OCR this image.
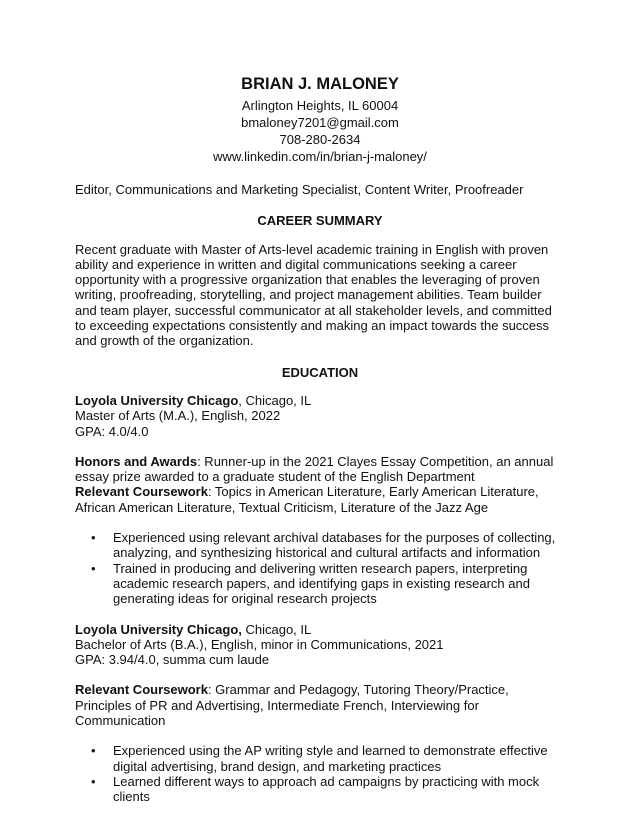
BRIAN J. MALONEY
Arlington Heights, IL 60004
bmaloney7201@gmail.com
708-280-2634
www.linkedin.com/in/brian-j-maloney/

Editor, Communications and Marketing Specialist, Content Writer, Proofreader

CAREER SUMMARY

Recent graduate with Master of Arts-level academic training in English with proven ability and experience in written and digital communications seeking a career opportunity with a progressive organization that enables the leveraging of proven writing, proofreading, storytelling, and project management abilities. Team builder and team player, successful communicator at all stakeholder levels, and committed to exceeding expectations consistently and making an impact towards the success and growth of the organization.

EDUCATION

Loyola University Chicago, Chicago, IL

Master of Arts (M.A.), English, 2022

GPA: 4.0/4.0

Honors and Awards: Runner-up in the 2021 Clayes Essay Competition, an annual essay prize awarded to a graduate student of the English Department

Relevant Coursework: Topics in American Literature, Early American Literature, African American Literature, Textual Criticism, Literature of the Jazz Age

• Experienced using relevant archival databases for the purposes of collecting, analyzing, and synthesizing historical and cultural artifacts and information
• Trained in producing and delivering written research papers, interpreting academic research papers, and identifying gaps in existing research and generating ideas for original research projects

Loyola University Chicago, Chicago, IL

Bachelor of Arts (B.A.), English, minor in Communications, 2021

GPA: 3.94/4.0, summa cum laude

Relevant Coursework: Grammar and Pedagogy, Tutoring Theory/Practice, Principles of PR and Advertising, Intermediate French, Interviewing for Communication

• Experienced using the AP writing style and learned to demonstrate effective digital advertising, brand design, and marketing practices
• Learned different ways to approach ad campaigns by practicing with mock clients
